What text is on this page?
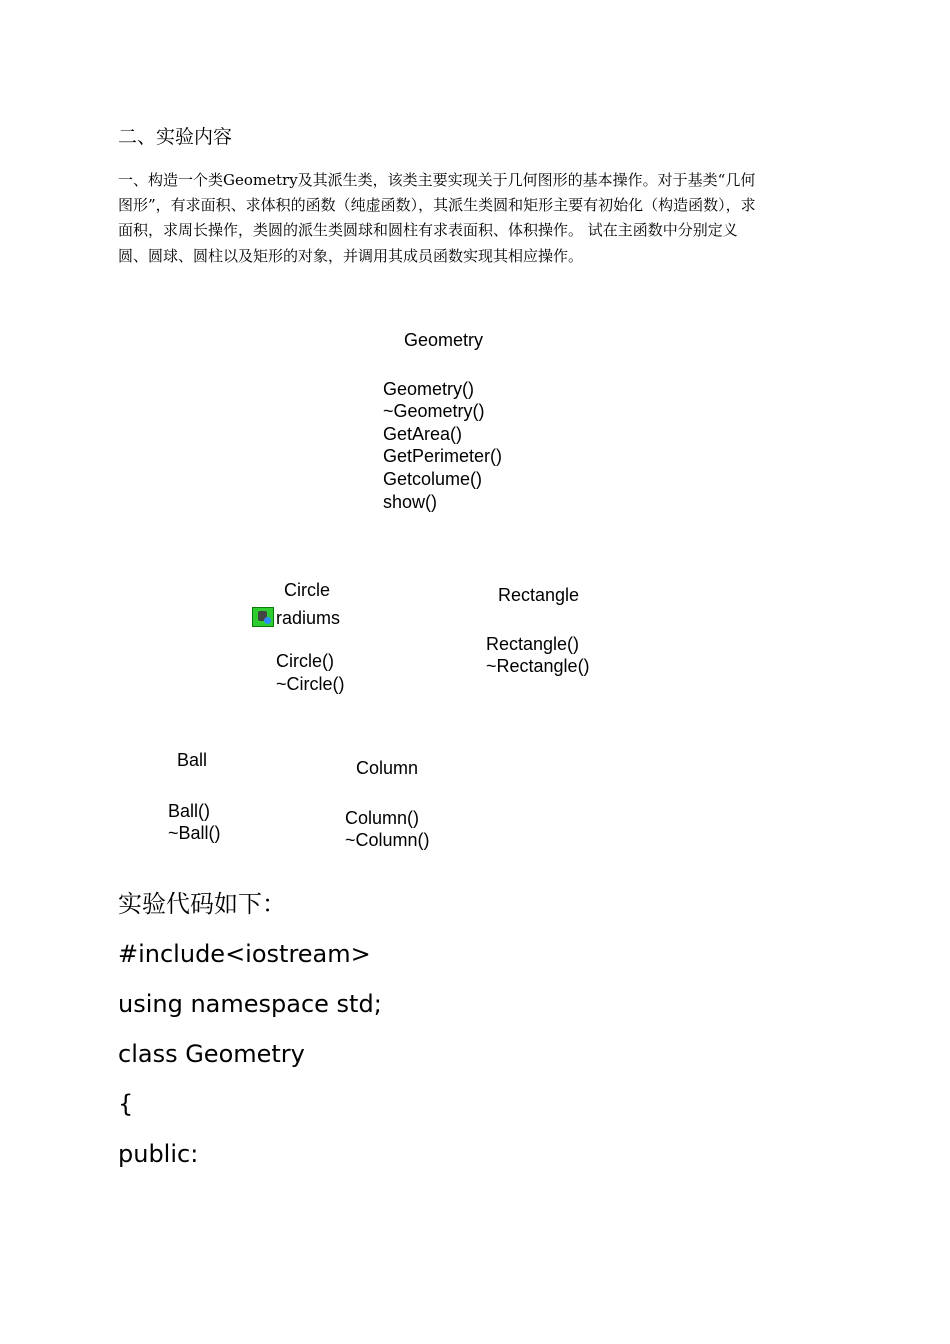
二、实验内容

一、构造一个类Geometry及其派生类，该类主要实现关于几何图形的基本操作。对于基类“几何图形”，有求面积、求体积的函数（纯虚函数），其派生类圆和矩形主要有初始化（构造函数），求面积，求周长操作，类圆的派生类圆球和圆柱有求表面积、体积操作。 试在主函数中分别定义圆、圆球、圆柱以及矩形的对象，并调用其成员函数实现其相应操作。

Geometry
Geometry()
~Geometry()
GetArea()
GetPerimeter()
Getcolume()
show()
Circle
radiums
Circle()
~Circle()
Rectangle
Rectangle()
~Rectangle()
Ball
Ball()
~Ball()
Column
Column()
~Column()
实验代码如下：
#include<iostream>
using namespace std;
class Geometry
{
public:
